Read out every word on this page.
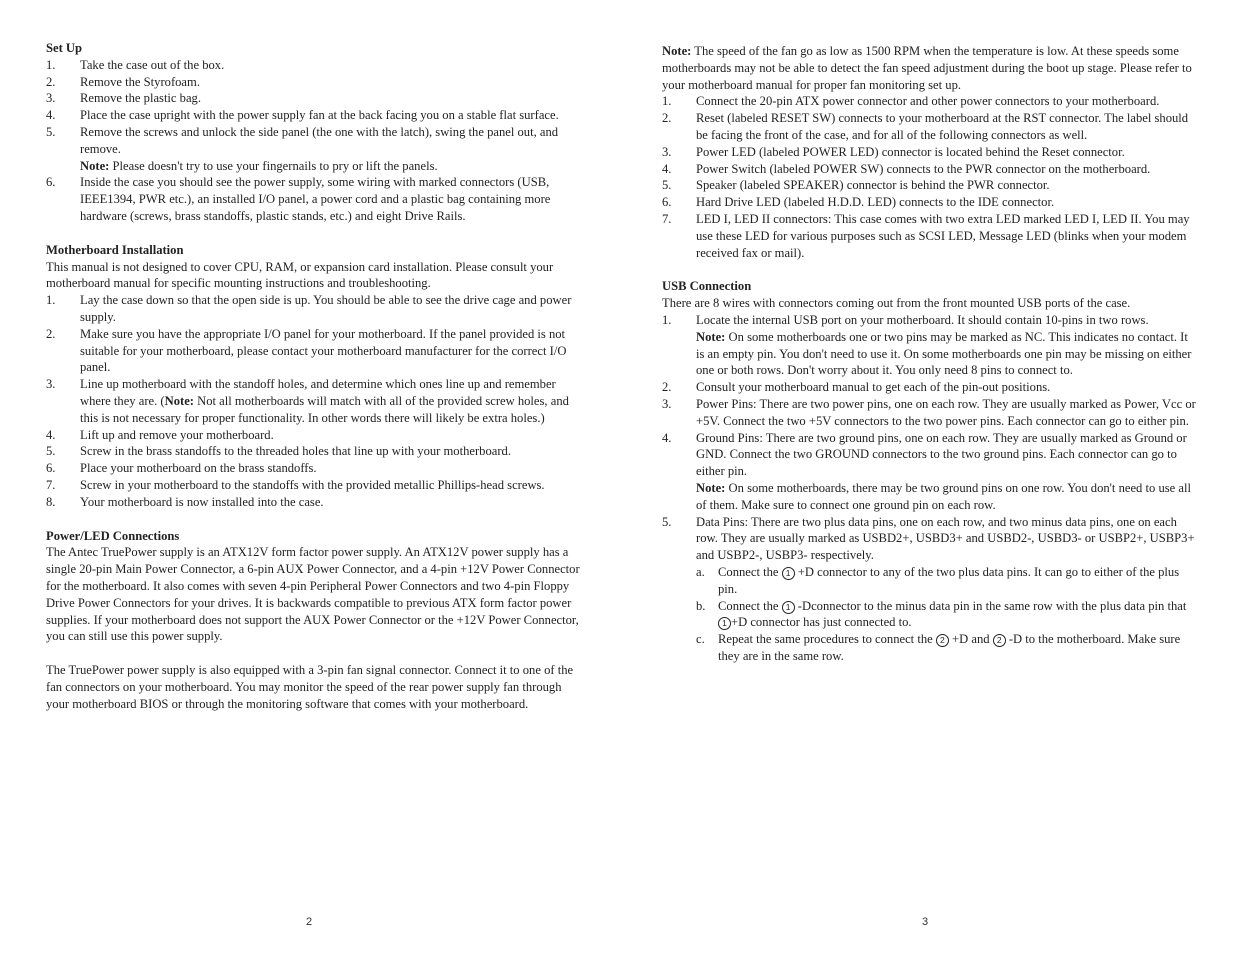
Set Up

1. Take the case out of the box.
2. Remove the Styrofoam.
3. Remove the plastic bag.
4. Place the case upright with the power supply fan at the back facing you on a stable flat surface.
5. Remove the screws and unlock the side panel (the one with the latch), swing the panel out, and remove.
Note: Please doesn't try to use your fingernails to pry or lift the panels.
6. Inside the case you should see the power supply, some wiring with marked connectors (USB, IEEE1394, PWR etc.), an installed I/O panel, a power cord and a plastic bag containing more hardware (screws, brass standoffs, plastic stands, etc.) and eight Drive Rails.

Motherboard Installation

This manual is not designed to cover CPU, RAM, or expansion card installation. Please consult your motherboard manual for specific mounting instructions and troubleshooting.

1. Lay the case down so that the open side is up. You should be able to see the drive cage and power supply.
2. Make sure you have the appropriate I/O panel for your motherboard. If the panel provided is not suitable for your motherboard, please contact your motherboard manufacturer for the correct I/O panel.
3. Line up motherboard with the standoff holes, and determine which ones line up and remember where they are. (Note: Not all motherboards will match with all of the provided screw holes, and this is not necessary for proper functionality. In other words there will likely be extra holes.)
4. Lift up and remove your motherboard.
5. Screw in the brass standoffs to the threaded holes that line up with your motherboard.
6. Place your motherboard on the brass standoffs.
7. Screw in your motherboard to the standoffs with the provided metallic Phillips-head screws.
8. Your motherboard is now installed into the case.

Power/LED Connections

The Antec TruePower supply is an ATX12V form factor power supply. An ATX12V power supply has a single 20-pin Main Power Connector, a 6-pin AUX Power Connector, and a 4-pin +12V Power Connector for the motherboard. It also comes with seven 4-pin Peripheral Power Connectors and two 4-pin Floppy Drive Power Connectors for your drives. It is backwards compatible to previous ATX form factor power supplies. If your motherboard does not support the AUX Power Connector or the +12V Power Connector, you can still use this power supply.

The TruePower power supply is also equipped with a 3-pin fan signal connector. Connect it to one of the fan connectors on your motherboard. You may monitor the speed of the rear power supply fan through your motherboard BIOS or through the monitoring software that comes with your motherboard.

Note: The speed of the fan go as low as 1500 RPM when the temperature is low. At these speeds some motherboards may not be able to detect the fan speed adjustment during the boot up stage. Please refer to your motherboard manual for proper fan monitoring set up.

1. Connect the 20-pin ATX power connector and other power connectors to your motherboard.
2. Reset (labeled RESET SW) connects to your motherboard at the RST connector. The label should be facing the front of the case, and for all of the following connectors as well.
3. Power LED (labeled POWER LED) connector is located behind the Reset connector.
4. Power Switch (labeled POWER SW) connects to the PWR connector on the motherboard.
5. Speaker (labeled SPEAKER) connector is behind the PWR connector.
6. Hard Drive LED (labeled H.D.D. LED) connects to the IDE connector.
7. LED I, LED II connectors: This case comes with two extra LED marked LED I, LED II. You may use these LED for various purposes such as SCSI LED, Message LED (blinks when your modem received fax or mail).

USB Connection

There are 8 wires with connectors coming out from the front mounted USB ports of the case.

1. Locate the internal USB port on your motherboard. It should contain 10-pins in two rows.
Note: On some motherboards one or two pins may be marked as NC. This indicates no contact. It is an empty pin. You don't need to use it. On some motherboards one pin may be missing on either one or both rows. Don't worry about it. You only need 8 pins to connect to.
2. Consult your motherboard manual to get each of the pin-out positions.
3. Power Pins: There are two power pins, one on each row. They are usually marked as Power, Vcc or +5V. Connect the two +5V connectors to the two power pins. Each connector can go to either pin.
4. Ground Pins: There are two ground pins, one on each row. They are usually marked as Ground or GND. Connect the two GROUND connectors to the two ground pins. Each connector can go to either pin.
Note: On some motherboards, there may be two ground pins on one row. You don't need to use all of them. Make sure to connect one ground pin on each row.
5. Data Pins: There are two plus data pins, one on each row, and two minus data pins, one on each row. They are usually marked as USBD2+, USBD3+ and USBD2-, USBD3- or USBP2+, USBP3+ and USBP2-, USBP3- respectively.
a. Connect the 1 +D connector to any of the two plus data pins. It can go to either of the plus pin.
b. Connect the 1 -Dconnector to the minus data pin in the same row with the plus data pin that 1 +D connector has just connected to.
c. Repeat the same procedures to connect the 2 +D and 2 -D to the motherboard. Make sure they are in the same row.
2	3
